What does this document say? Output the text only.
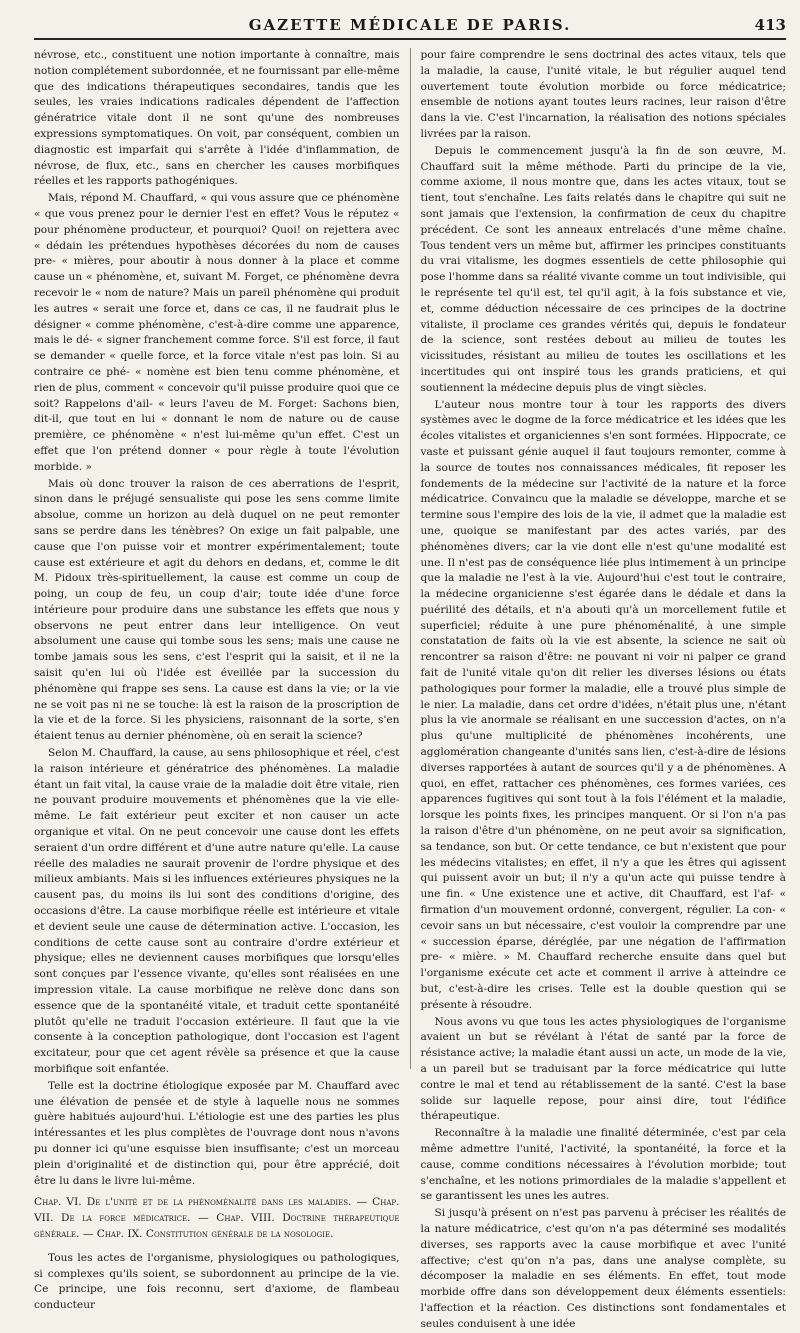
GAZETTE MÉDICALE DE PARIS.	413

névrose, etc., constituent une notion importante à connaître, mais notion complétement subordonnée, et ne fournissant par elle-même que des indications thérapeutiques secondaires, tandis que les seules, les vraies indications radicales dépendent de l'affection génératrice vitale dont il ne sont qu'une des nombreuses expressions symptomatiques. On voit, par conséquent, combien un diagnostic est imparfait qui s'arrête à l'idée d'inflammation, de névrose, de flux, etc., sans en chercher les causes morbifiques réelles et les rapports pathogéniques.

Mais, répond M. Chauffard, « qui vous assure que ce phénomène « que vous prenez pour le dernier l'est en effet? Vous le réputez « pour phénomène producteur, et pourquoi? Quoi! on rejettera avec « dédain les prétendues hypothèses décorées du nom de causes pre- « mières, pour aboutir à nous donner à la place et comme cause un « phénomène, et, suivant M. Forget, ce phénomène devra recevoir le « nom de nature? Mais un pareil phénomène qui produit les autres « serait une force et, dans ce cas, il ne faudrait plus le désigner « comme phénomène, c'est-à-dire comme une apparence, mais le dé- « signer franchement comme force. S'il est force, il faut se demander « quelle force, et la force vitale n'est pas loin. Si au contraire ce phé- « nomène est bien tenu comme phénomène, et rien de plus, comment « concevoir qu'il puisse produire quoi que ce soit? Rappelons d'ail- « leurs l'aveu de M. Forget: Sachons bien, dit-il, que tout en lui « donnant le nom de nature ou de cause première, ce phénomène « n'est lui-même qu'un effet. C'est un effet que l'on prétend donner « pour règle à toute l'évolution morbide. »

Mais où donc trouver la raison de ces aberrations de l'esprit, sinon dans le préjugé sensualiste qui pose les sens comme limite absolue, comme un horizon au delà duquel on ne peut remonter sans se perdre dans les ténèbres? On exige un fait palpable, une cause que l'on puisse voir et montrer expérimentalement; toute cause est extérieure et agit du dehors en dedans, et, comme le dit M. Pidoux très-spirituellement, la cause est comme un coup de poing, un coup de feu, un coup d'air; toute idée d'une force intérieure pour produire dans une substance les effets que nous y observons ne peut entrer dans leur intelligence. On veut absolument une cause qui tombe sous les sens; mais une cause ne tombe jamais sous les sens, c'est l'esprit qui la saisit, et il ne la saisit qu'en lui où l'idée est éveillée par la succession du phénomène qui frappe ses sens. La cause est dans la vie; or la vie ne se voit pas ni ne se touche: là est la raison de la proscription de la vie et de la force. Si les physiciens, raisonnant de la sorte, s'en étaient tenus au dernier phénomène, où en serait la science?

Selon M. Chauffard, la cause, au sens philosophique et réel, c'est la raison intérieure et génératrice des phénomènes. La maladie étant un fait vital, la cause vraie de la maladie doit être vitale, rien ne pouvant produire mouvements et phénomènes que la vie elle-même. Le fait extérieur peut exciter et non causer un acte organique et vital. On ne peut concevoir une cause dont les effets seraient d'un ordre différent et d'une autre nature qu'elle. La cause réelle des maladies ne saurait provenir de l'ordre physique et des milieux ambiants. Mais si les influences extérieures physiques ne la causent pas, du moins ils lui sont des conditions d'origine, des occasions d'être. La cause morbifique réelle est intérieure et vitale et devient seule une cause de détermination active. L'occasion, les conditions de cette cause sont au contraire d'ordre extérieur et physique; elles ne deviennent causes morbifiques que lorsqu'elles sont conçues par l'essence vivante, qu'elles sont réalisées en une impression vitale. La cause morbifique ne relève donc dans son essence que de la spontanéité vitale, et traduit cette spontanéité plutôt qu'elle ne traduit l'occasion extérieure. Il faut que la vie consente à la conception pathologique, dont l'occasion est l'agent excitateur, pour que cet agent révèle sa présence et que la cause morbifique soit enfantée.

Telle est la doctrine étiologique exposée par M. Chauffard avec une élévation de pensée et de style à laquelle nous ne sommes guère habitués aujourd'hui. L'étiologie est une des parties les plus intéressantes et les plus complètes de l'ouvrage dont nous n'avons pu donner ici qu'une esquisse bien insuffisante; c'est un morceau plein d'originalité et de distinction qui, pour être apprécié, doit être lu dans le livre lui-même.

Chap. VI. De l'unité et de la phénoménalité dans les maladies. — Chap. VII. De la force médicatrice. — Chap. VIII. Doctrine thérapeutique générale. — Chap. IX. Constitution générale de la nosologie.

Tous les actes de l'organisme, physiologiques ou pathologiques, si complexes qu'ils soient, se subordonnent au principe de la vie. Ce principe, une fois reconnu, sert d'axiome, de flambeau conducteur

pour faire comprendre le sens doctrinal des actes vitaux, tels que la maladie, la cause, l'unité vitale, le but régulier auquel tend ouvertement toute évolution morbide ou force médicatrice; ensemble de notions ayant toutes leurs racines, leur raison d'être dans la vie. C'est l'incarnation, la réalisation des notions spéciales livrées par la raison.

Depuis le commencement jusqu'à la fin de son œuvre, M. Chauffard suit la même méthode. Parti du principe de la vie, comme axiome, il nous montre que, dans les actes vitaux, tout se tient, tout s'enchaîne. Les faits relatés dans le chapitre qui suit ne sont jamais que l'extension, la confirmation de ceux du chapitre précédent. Ce sont les anneaux entrelacés d'une même chaîne. Tous tendent vers un même but, affirmer les principes constituants du vrai vitalisme, les dogmes essentiels de cette philosophie qui pose l'homme dans sa réalité vivante comme un tout indivisible, qui le représente tel qu'il est, tel qu'il agit, à la fois substance et vie, et, comme déduction nécessaire de ces principes de la doctrine vitaliste, il proclame ces grandes vérités qui, depuis le fondateur de la science, sont restées debout au milieu de toutes les vicissitudes, résistant au milieu de toutes les oscillations et les incertitudes qui ont inspiré tous les grands praticiens, et qui soutiennent la médecine depuis plus de vingt siècles.

L'auteur nous montre tour à tour les rapports des divers systèmes avec le dogme de la force médicatrice et les idées que les écoles vitalistes et organiciennes s'en sont formées. Hippocrate, ce vaste et puissant génie auquel il faut toujours remonter, comme à la source de toutes nos connaissances médicales, fit reposer les fondements de la médecine sur l'activité de la nature et la force médicatrice. Convaincu que la maladie se développe, marche et se termine sous l'empire des lois de la vie, il admet que la maladie est une, quoique se manifestant par des actes variés, par des phénomènes divers; car la vie dont elle n'est qu'une modalité est une. Il n'est pas de conséquence liée plus intimement à un principe que la maladie ne l'est à la vie. Aujourd'hui c'est tout le contraire, la médecine organicienne s'est égarée dans le dédale et dans la puérilité des détails, et n'a abouti qu'à un morcellement futile et superficiel; réduite à une pure phénoménalité, à une simple constatation de faits où la vie est absente, la science ne sait où rencontrer sa raison d'être: ne pouvant ni voir ni palper ce grand fait de l'unité vitale qu'on dit relier les diverses lésions ou états pathologiques pour former la maladie, elle a trouvé plus simple de le nier. La maladie, dans cet ordre d'idées, n'était plus une, n'étant plus la vie anormale se réalisant en une succession d'actes, on n'a plus qu'une multiplicité de phénomènes incohérents, une agglomération changeante d'unités sans lien, c'est-à-dire de lésions diverses rapportées à autant de sources qu'il y a de phénomènes. A quoi, en effet, rattacher ces phénomènes, ces formes variées, ces apparences fugitives qui sont tout à la fois l'élément et la maladie, lorsque les points fixes, les principes manquent. Or si l'on n'a pas la raison d'être d'un phénomène, on ne peut avoir sa signification, sa tendance, son but. Or cette tendance, ce but n'existent que pour les médecins vitalistes; en effet, il n'y a que les êtres qui agissent qui puissent avoir un but; il n'y a qu'un acte qui puisse tendre à une fin. « Une existence une et active, dit Chauffard, est l'af- « firmation d'un mouvement ordonné, convergent, régulier. La con- « cevoir sans un but nécessaire, c'est vouloir la comprendre par une « succession éparse, déréglée, par une négation de l'affirmation pre- « mière. » M. Chauffard recherche ensuite dans quel but l'organisme exécute cet acte et comment il arrive à atteindre ce but, c'est-à-dire les crises. Telle est la double question qui se présente à résoudre.

Nous avons vu que tous les actes physiologiques de l'organisme avaient un but se révélant à l'état de santé par la force de résistance active; la maladie étant aussi un acte, un mode de la vie, a un pareil but se traduisant par la force médicatrice qui lutte contre le mal et tend au rétablissement de la santé. C'est la base solide sur laquelle repose, pour ainsi dire, tout l'édifice thérapeutique.

Reconnaître à la maladie une finalité déterminée, c'est par cela même admettre l'unité, l'activité, la spontanéité, la force et la cause, comme conditions nécessaires à l'évolution morbide; tout s'enchaîne, et les notions primordiales de la maladie s'appellent et se garantissent les unes les autres.

Si jusqu'à présent on n'est pas parvenu à préciser les réalités de la nature médicatrice, c'est qu'on n'a pas déterminé ses modalités diverses, ses rapports avec la cause morbifique et avec l'unité affective; c'est qu'on n'a pas, dans une analyse complète, su décomposer la maladie en ses éléments. En effet, tout mode morbide offre dans son développement deux éléments essentiels: l'affection et la réaction. Ces distinctions sont fondamentales et seules conduisent à une idée
